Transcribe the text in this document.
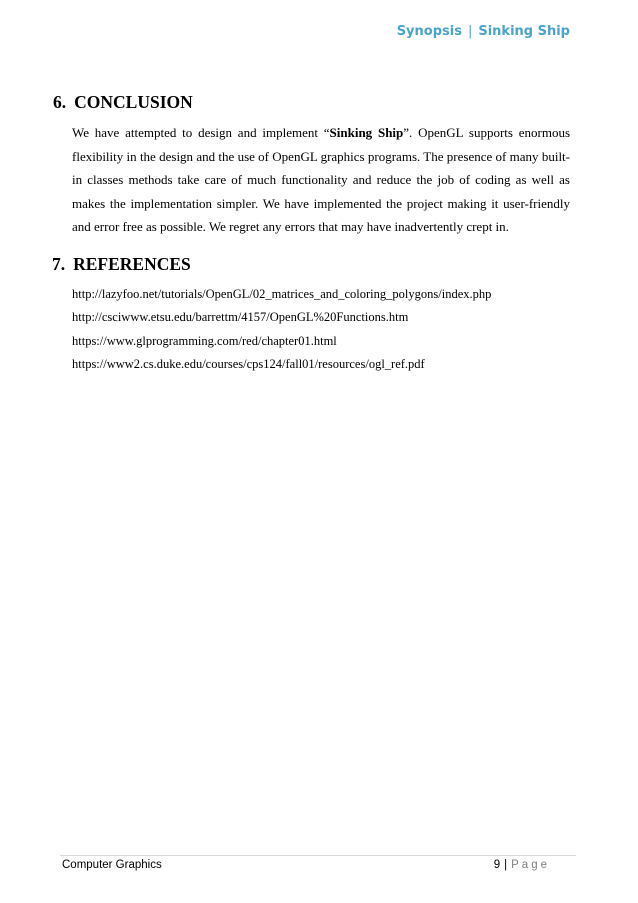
Synopsis | Sinking Ship
6. CONCLUSION
We have attempted to design and implement “Sinking Ship”. OpenGL supports enormous flexibility in the design and the use of OpenGL graphics programs. The presence of many built-in classes methods take care of much functionality and reduce the job of coding as well as makes the implementation simpler. We have implemented the project making it user-friendly and error free as possible. We regret any errors that may have inadvertently crept in.
7. REFERENCES
http://lazyfoo.net/tutorials/OpenGL/02_matrices_and_coloring_polygons/index.php
http://csciwww.etsu.edu/barrettm/4157/OpenGL%20Functions.htm
https://www.glprogramming.com/red/chapter01.html
https://www2.cs.duke.edu/courses/cps124/fall01/resources/ogl_ref.pdf
Computer Graphics	9 | Page
